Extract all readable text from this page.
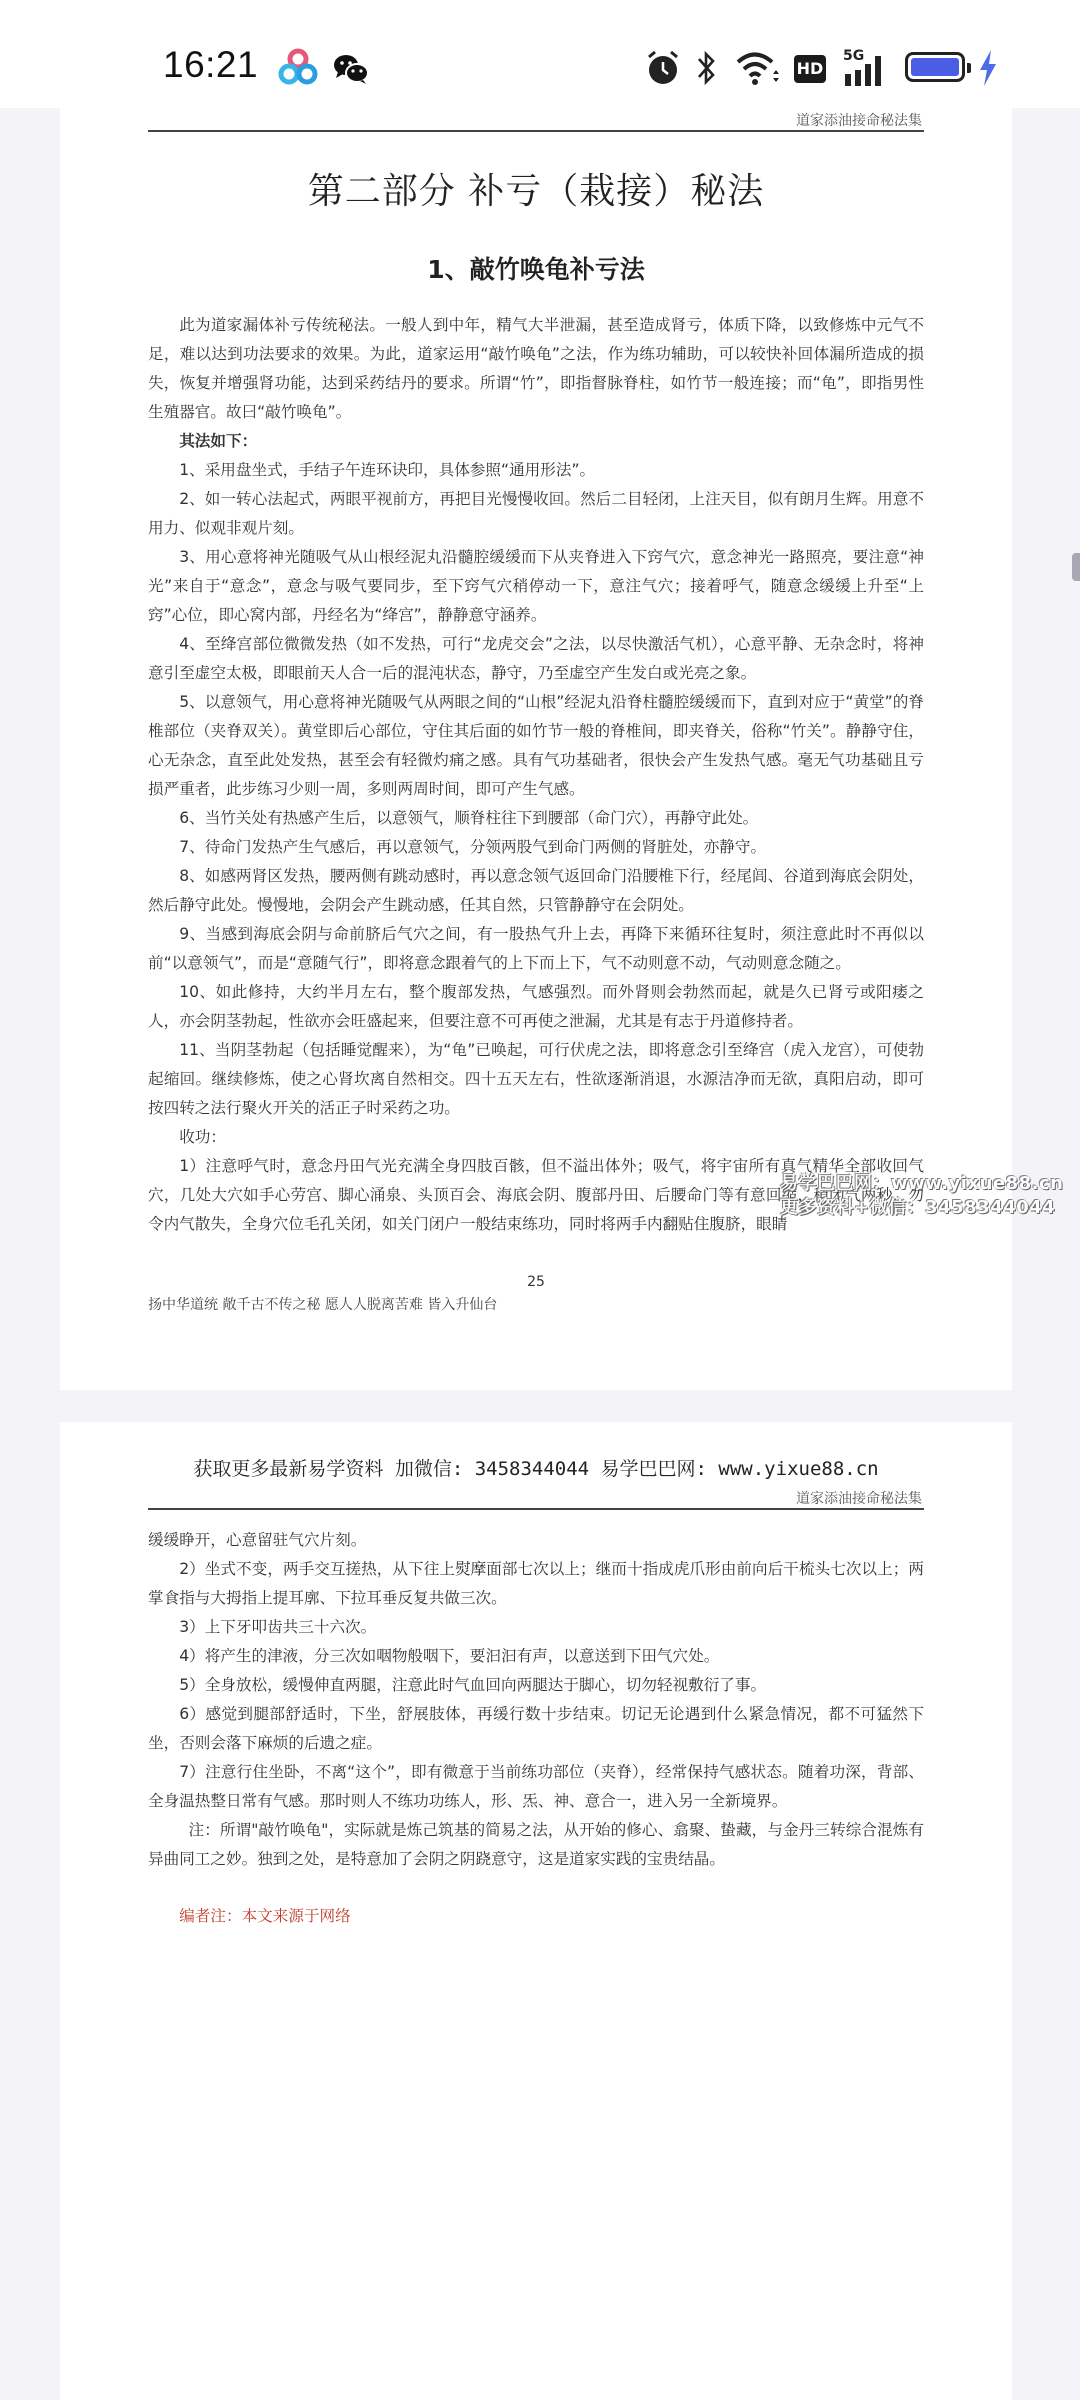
16:21	HD
5G
道家添油接命秘法集
第二部分 补亏（栽接）秘法
1、敲竹唤龟补亏法

此为道家漏体补亏传统秘法。一般人到中年，精气大半泄漏，甚至造成肾亏，体质下降，以致修炼中元气不足，难以达到功法要求的效果。为此，道家运用“敲竹唤龟”之法，作为练功辅助，可以较快补回体漏所造成的损失，恢复并增强肾功能，达到采药结丹的要求。所谓“竹”，即指督脉脊柱，如竹节一般连接；而“龟”，即指男性生殖器官。故曰“敲竹唤龟”。

其法如下：

1、采用盘坐式，手结子午连环诀印，具体参照“通用形法”。

2、如一转心法起式，两眼平视前方，再把目光慢慢收回。然后二目轻闭，上注天目，似有朗月生辉。用意不用力、似观非观片刻。

3、用心意将神光随吸气从山根经泥丸沿髓腔缓缓而下从夹脊进入下窍气穴，意念神光一路照亮，要注意“神光”来自于“意念”，意念与吸气要同步，至下窍气穴稍停动一下，意注气穴；接着呼气，随意念缓缓上升至“上窍”心位，即心窝内部，丹经名为“绛宫”，静静意守涵养。

4、至绛宫部位微微发热（如不发热，可行“龙虎交会”之法，以尽快激活气机），心意平静、无杂念时，将神意引至虚空太极，即眼前天人合一后的混沌状态，静守，乃至虚空产生发白或光亮之象。

5、以意领气，用心意将神光随吸气从两眼之间的“山根”经泥丸沿脊柱髓腔缓缓而下，直到对应于“黄堂”的脊椎部位（夹脊双关）。黄堂即后心部位，守住其后面的如竹节一般的脊椎间，即夹脊关，俗称“竹关”。静静守住，心无杂念，直至此处发热，甚至会有轻微灼痛之感。具有气功基础者，很快会产生发热气感。毫无气功基础且亏损严重者，此步练习少则一周，多则两周时间，即可产生气感。

6、当竹关处有热感产生后，以意领气，顺脊柱往下到腰部（命门穴），再静守此处。

7、待命门发热产生气感后，再以意领气，分领两股气到命门两侧的肾脏处，亦静守。

8、如感两肾区发热，腰两侧有跳动感时，再以意念领气返回命门沿腰椎下行，经尾闾、谷道到海底会阴处，然后静守此处。慢慢地，会阴会产生跳动感，任其自然，只管静静守在会阴处。

9、当感到海底会阴与命前脐后气穴之间，有一股热气升上去，再降下来循环往复时，须注意此时不再似以前“以意领气”，而是“意随气行”，即将意念跟着气的上下而上下，气不动则意不动，气动则意念随之。

10、如此修持，大约半月左右，整个腹部发热，气感强烈。而外肾则会勃然而起，就是久已肾亏或阳痿之人，亦会阴茎勃起，性欲亦会旺盛起来，但要注意不可再使之泄漏，尤其是有志于丹道修持者。

11、当阴茎勃起（包括睡觉醒来），为“龟”已唤起，可行伏虎之法，即将意念引至绛宫（虎入龙宫），可使勃起缩回。继续修炼，使之心肾坎离自然相交。四十五天左右，性欲逐渐消退，水源洁净而无欲，真阳启动，即可按四转之法行聚火开关的活正子时采药之功。

收功：

1）注意呼气时，意念丹田气光充满全身四肢百骸，但不溢出体外；吸气，将宇宙所有真气精华全部收回气穴，几处大穴如手心劳宫、脚心涌泉、头顶百会、海底会阴、腹部丹田、后腰命门等有意回缩，稍闭气两秒，勿令内气散失，全身穴位毛孔关闭，如关门闭户一般结束练功，同时将两手内翻贴住腹脐，眼睛

25
扬中华道统 敞千古不传之秘 愿人人脱离苦难 皆入升仙台
易学巴巴网：www.yixue88.cn
更多资料+微信：3458344044
获取更多最新易学资料 加微信: 3458344044 易学巴巴网: www.yixue88.cn
道家添油接命秘法集

缓缓睁开，心意留驻气穴片刻。

2）坐式不变，两手交互搓热，从下往上熨摩面部七次以上；继而十指成虎爪形由前向后干梳头七次以上；两掌食指与大拇指上提耳廓、下拉耳垂反复共做三次。

3）上下牙叩齿共三十六次。

4）将产生的津液，分三次如咽物般咽下，要汩汩有声，以意送到下田气穴处。

5）全身放松，缓慢伸直两腿，注意此时气血回向两腿达于脚心，切勿轻视敷衍了事。

6）感觉到腿部舒适时，下坐，舒展肢体，再缓行数十步结束。切记无论遇到什么紧急情况，都不可猛然下坐，否则会落下麻烦的后遗之症。

7）注意行住坐卧，不离“这个”，即有微意于当前练功部位（夹脊），经常保持气感状态。随着功深，背部、全身温热整日常有气感。那时则人不练功功练人，形、炁、神、意合一，进入另一全新境界。

注：所谓"敲竹唤龟"，实际就是炼己筑基的简易之法，从开始的修心、翕聚、蛰藏，与金丹三转综合混炼有异曲同工之妙。独到之处，是特意加了会阴之阴跷意守，这是道家实践的宝贵结晶。

编者注：本文来源于网络
